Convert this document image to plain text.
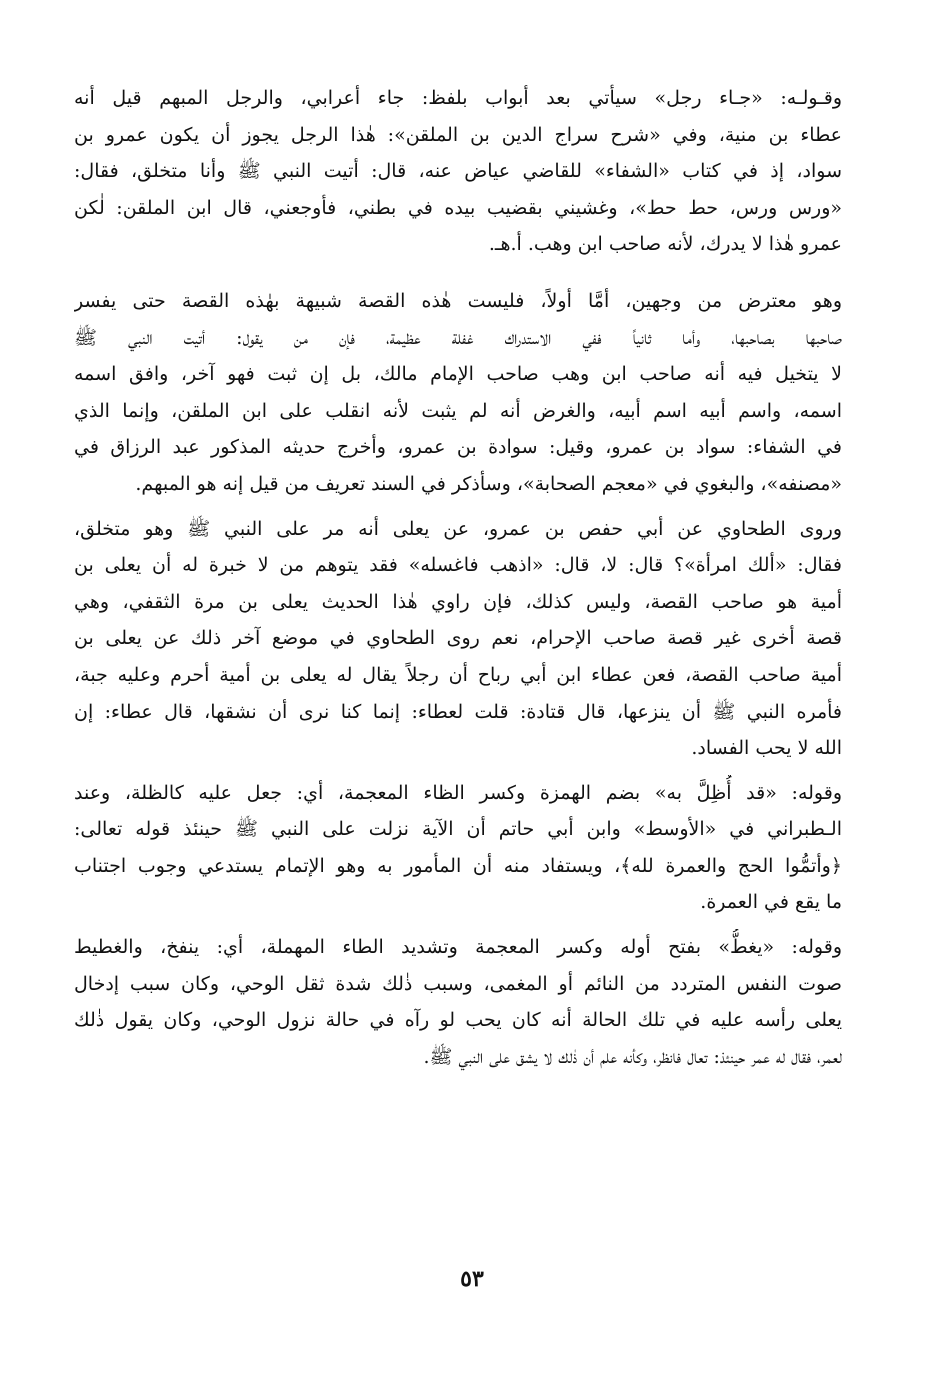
وقـولـه: «جـاء رجل» سيأتي بعد أبواب بلفظ: جاء أعرابي، والرجل المبهم قيل أنه
عطاء بن منية، وفي «شرح سراج الدين بن الملقن»: هٰذا الرجل يجوز أن يكون عمرو بن
سواد، إذ في كتاب «الشفاء» للقاضي عياض عنه، قال: أتيت النبي ﷺ وأنا متخلق، فقال:
«ورس ورس، حط حط»، وغشيني بقضيب بيده في بطني، فأوجعني، قال ابن الملقن: لٰكن
عمرو هٰذا لا يدرك، لأنه صاحب ابن وهب. أ.هـ.

وهو معترض من وجهين، أمَّا أولاً، فليست هٰذه القصة شبيهة بهٰذه القصة حتى يفسر
صاحبها بصاحبها، وأما ثانياً ففي الاستدراك غفلة عظيمة، فإن من يقول: أتيت النبي ﷺ
لا يتخيل فيه أنه صاحب ابن وهب صاحب الإمام مالك، بل إن ثبت فهو آخر، وافق اسمه
اسمه، واسم أبيه اسم أبيه، والغرض أنه لم يثبت لأنه انقلب على ابن الملقن، وإنما الذي
في الشفاء: سواد بن عمرو، وقيل: سوادة بن عمرو، وأخرج حديثه المذكور عبد الرزاق في
«مصنفه»، والبغوي في «معجم الصحابة»، وسأذكر في السند تعريف من قيل إنه هو المبهم.

وروى الطحاوي عن أبي حفص بن عمرو، عن يعلى أنه مر على النبي ﷺ وهو متخلق،
فقال: «ألك امرأة»؟ قال: لا، قال: «اذهب فاغسله» فقد يتوهم من لا خبرة له أن يعلى بن
أمية هو صاحب القصة، وليس كذلك، فإن راوي هٰذا الحديث يعلى بن مرة الثقفي، وهي
قصة أخرى غير قصة صاحب الإحرام، نعم روى الطحاوي في موضع آخر ذلك عن يعلى بن
أمية صاحب القصة، فعن عطاء ابن أبي رباح أن رجلاً يقال له يعلى بن أمية أحرم وعليه جبة،
فأمره النبي ﷺ أن ينزعها، قال قتادة: قلت لعطاء: إنما كنا نرى أن نشقها، قال عطاء: إن
الله لا يحب الفساد.

وقوله: «قد أُظِلَّ به» بضم الهمزة وكسر الظاء المعجمة، أي: جعل عليه كالظلة، وعند
الـطبراني في «الأوسط» وابن أبي حاتم أن الآية نزلت على النبي ﷺ حينئذ قوله تعالى:
﴿وأتمُّوا الحج والعمرة لله﴾، ويستفاد منه أن المأمور به وهو الإتمام يستدعي وجوب اجتناب
ما يقع في العمرة.

وقوله: «يغطُّ» بفتح أوله وكسر المعجمة وتشديد الطاء المهملة، أي: ينفخ، والغطيط
صوت النفس المتردد من النائم أو المغمى، وسبب ذٰلك شدة ثقل الوحي، وكان سبب إدخال
يعلى رأسه عليه في تلك الحالة أنه كان يحب لو رآه في حالة نزول الوحي، وكان يقول ذٰلك
لعمر، فقال له عمر حينئذ: تعال فانظر، وكأنه علم أن ذٰلك لا يشق على النبي ﷺ.

٥٣
